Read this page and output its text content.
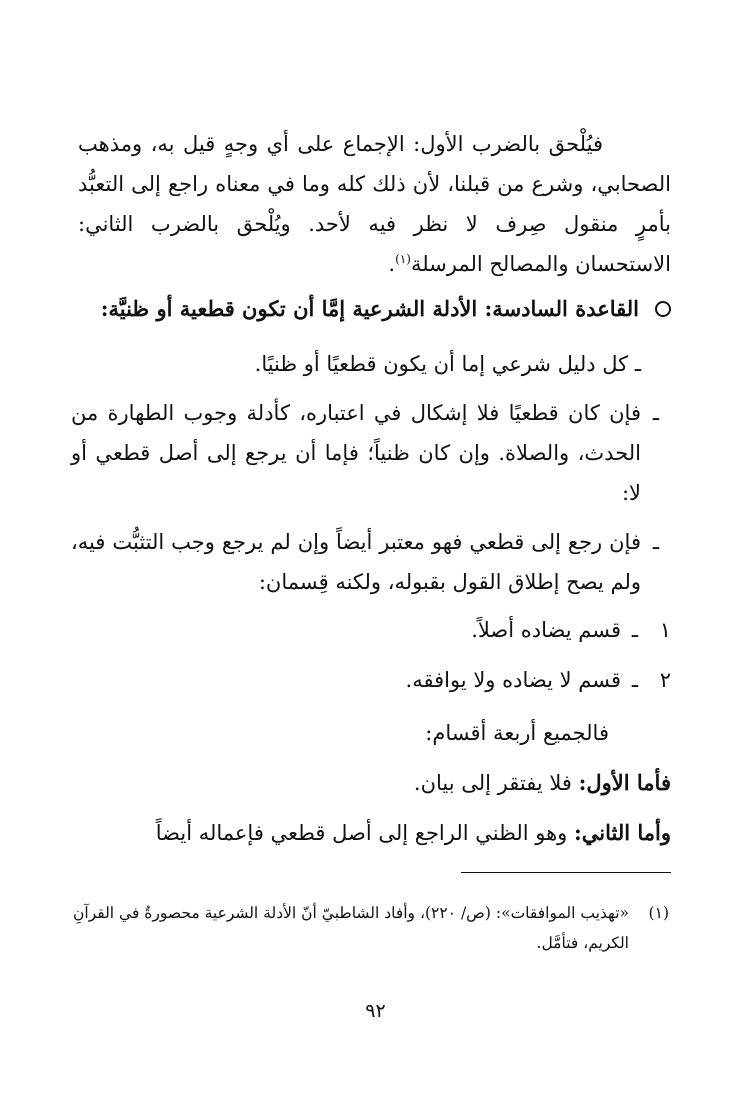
فيُلْحق بالضرب الأول: الإجماع على أي وجهٍ قيل به، ومذهب الصحابي، وشرع من قبلنا، لأن ذلك كله وما في معناه راجع إلى التعبُّد بأمرٍ منقول صِرف لا نظر فيه لأحد. ويُلْحق بالضرب الثاني: الاستحسان والمصالح المرسلة$^{(١)}$.

القاعدة السادسة: الأدلة الشرعية إمَّا أن تكون قطعية أو ظنيَّة:

ـ كل دليل شرعي إما أن يكون قطعيًا أو ظنيًا.

ـ
فإن كان قطعيًا فلا إشكال في اعتباره، كأدلة وجوب الطهارة من الحدث، والصلاة. وإن كان ظنياً؛ فإما أن يرجع إلى أصل قطعي أو لا:
ـ
فإن رجع إلى قطعي فهو معتبر أيضاً وإن لم يرجع وجب التثبُّت فيه، ولم يصح إطلاق القول بقبوله، ولكنه قِسمان:
١ـقسم يضاده أصلاً.
٢ـقسم لا يضاده ولا يوافقه.

فالجميع أربعة أقسام:

فأما الأول: فلا يفتقر إلى بيان.

وأما الثاني: وهو الظني الراجع إلى أصل قطعي فإعماله أيضاً

(١)
«تهذيب الموافقات»: (ص/ ٢٢٠)، وأفاد الشاطبيّ أنّ الأدلة الشرعية محصورةٌ في القرآنِ الكريم، فتأمَّل.
٩٢
